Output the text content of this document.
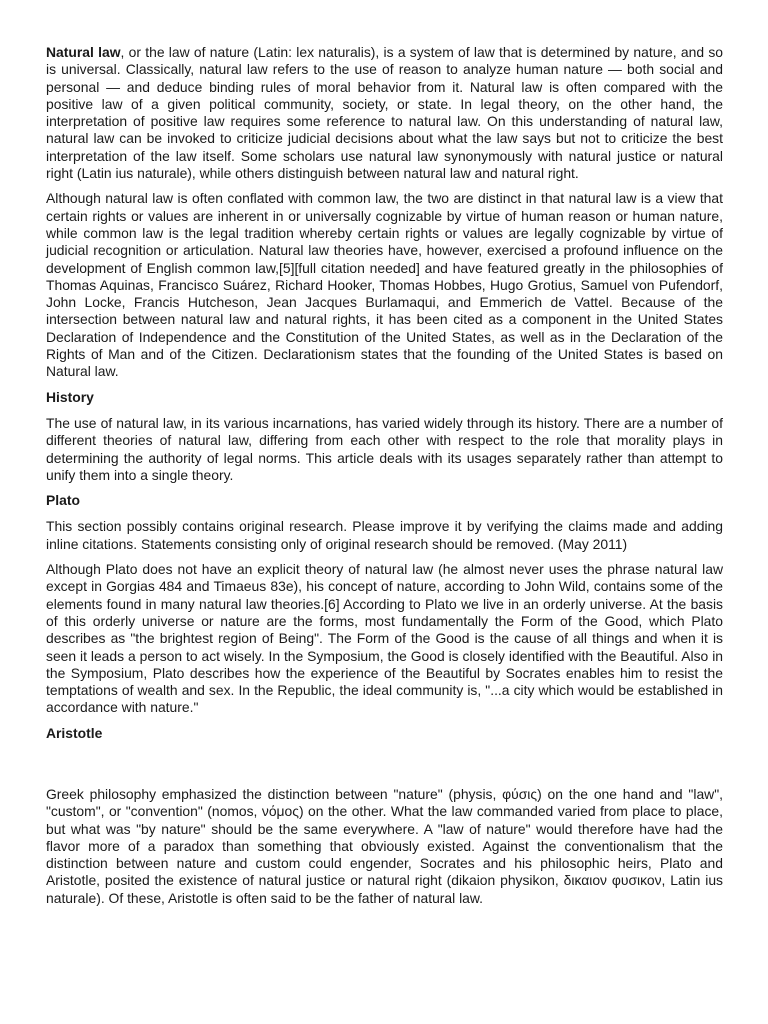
Natural law, or the law of nature (Latin: lex naturalis), is a system of law that is determined by nature, and so is universal. Classically, natural law refers to the use of reason to analyze human nature — both social and personal — and deduce binding rules of moral behavior from it. Natural law is often compared with the positive law of a given political community, society, or state. In legal theory, on the other hand, the interpretation of positive law requires some reference to natural law. On this understanding of natural law, natural law can be invoked to criticize judicial decisions about what the law says but not to criticize the best interpretation of the law itself. Some scholars use natural law synonymously with natural justice or natural right (Latin ius naturale), while others distinguish between natural law and natural right.

Although natural law is often conflated with common law, the two are distinct in that natural law is a view that certain rights or values are inherent in or universally cognizable by virtue of human reason or human nature, while common law is the legal tradition whereby certain rights or values are legally cognizable by virtue of judicial recognition or articulation. Natural law theories have, however, exercised a profound influence on the development of English common law,[5][full citation needed] and have featured greatly in the philosophies of Thomas Aquinas, Francisco Suárez, Richard Hooker, Thomas Hobbes, Hugo Grotius, Samuel von Pufendorf, John Locke, Francis Hutcheson, Jean Jacques Burlamaqui, and Emmerich de Vattel. Because of the intersection between natural law and natural rights, it has been cited as a component in the United States Declaration of Independence and the Constitution of the United States, as well as in the Declaration of the Rights of Man and of the Citizen. Declarationism states that the founding of the United States is based on Natural law.

History

The use of natural law, in its various incarnations, has varied widely through its history. There are a number of different theories of natural law, differing from each other with respect to the role that morality plays in determining the authority of legal norms. This article deals with its usages separately rather than attempt to unify them into a single theory.

Plato

This section possibly contains original research. Please improve it by verifying the claims made and adding inline citations. Statements consisting only of original research should be removed. (May 2011)

Although Plato does not have an explicit theory of natural law (he almost never uses the phrase natural law except in Gorgias 484 and Timaeus 83e), his concept of nature, according to John Wild, contains some of the elements found in many natural law theories.[6] According to Plato we live in an orderly universe. At the basis of this orderly universe or nature are the forms, most fundamentally the Form of the Good, which Plato describes as "the brightest region of Being". The Form of the Good is the cause of all things and when it is seen it leads a person to act wisely. In the Symposium, the Good is closely identified with the Beautiful. Also in the Symposium, Plato describes how the experience of the Beautiful by Socrates enables him to resist the temptations of wealth and sex. In the Republic, the ideal community is, "...a city which would be established in accordance with nature."

Aristotle

Greek philosophy emphasized the distinction between "nature" (physis, φύσις) on the one hand and "law", "custom", or "convention" (nomos, νόμος) on the other. What the law commanded varied from place to place, but what was "by nature" should be the same everywhere. A "law of nature" would therefore have had the flavor more of a paradox than something that obviously existed. Against the conventionalism that the distinction between nature and custom could engender, Socrates and his philosophic heirs, Plato and Aristotle, posited the existence of natural justice or natural right (dikaion physikon, δικαιον φυσικον, Latin ius naturale). Of these, Aristotle is often said to be the father of natural law.
